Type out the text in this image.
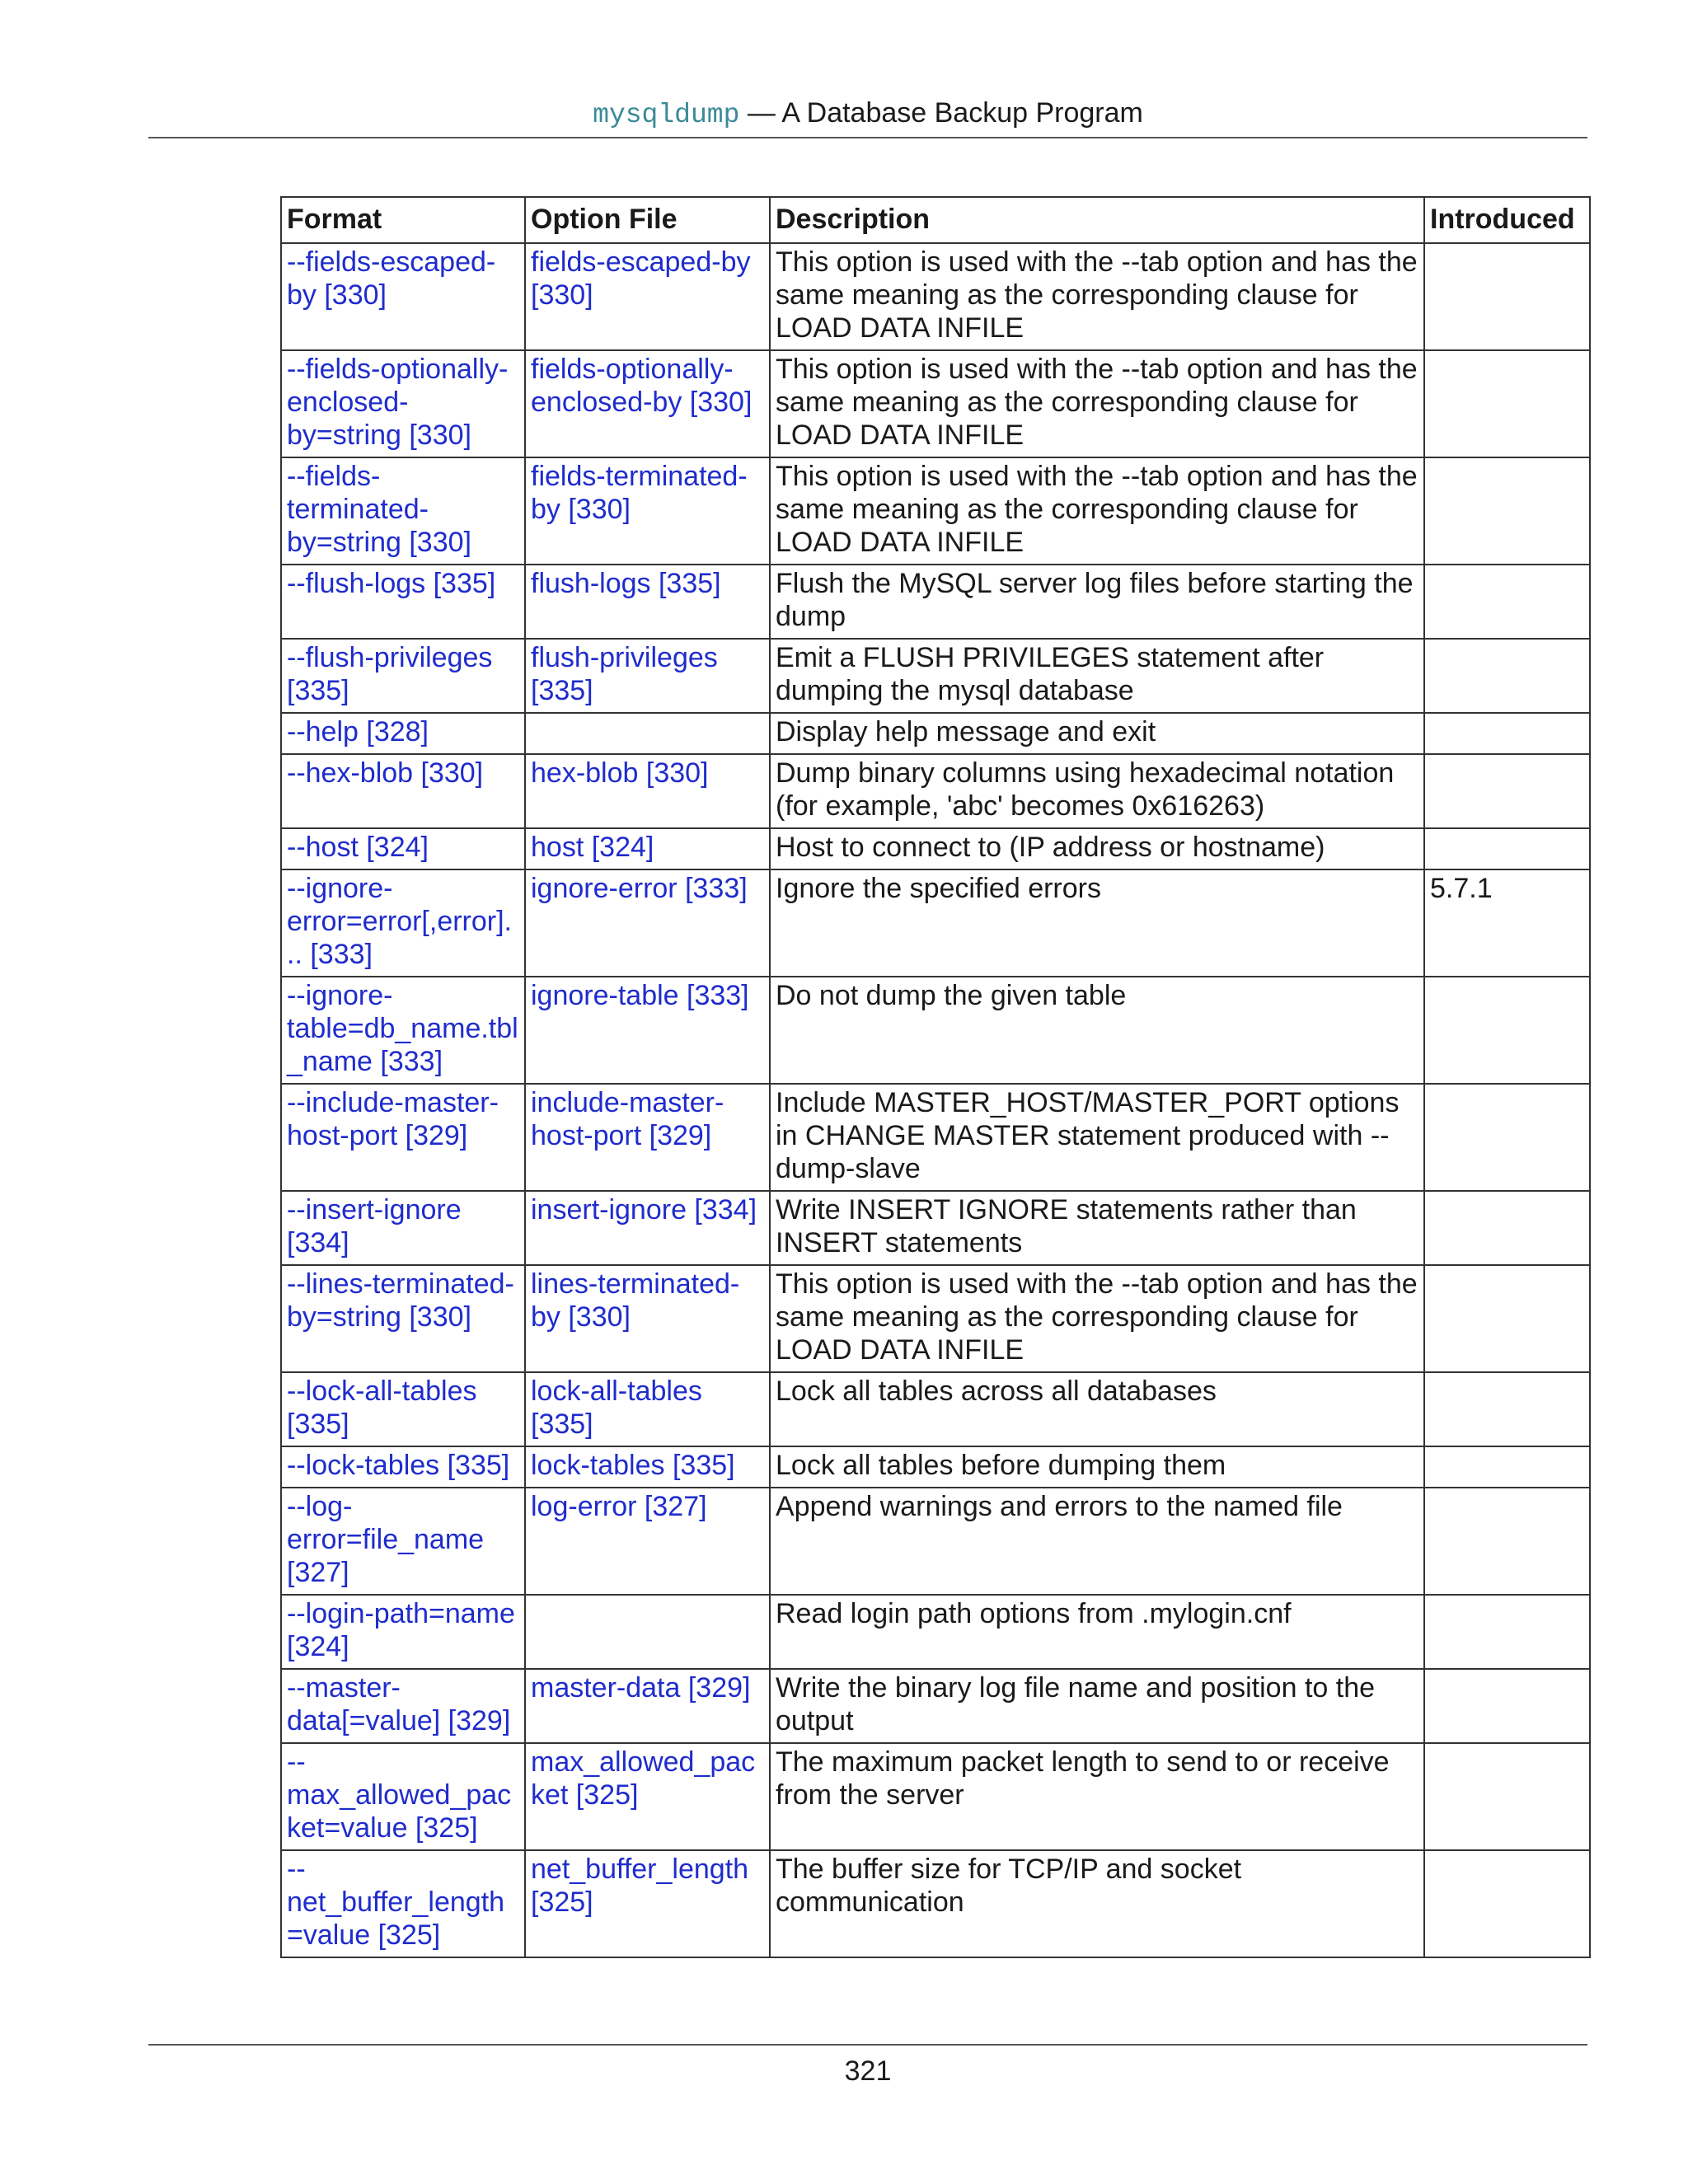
mysqldump — A Database Backup Program
Format	Option File	Description	Introduced
--fields-escaped-by [330]	fields-escaped-by [330]	This option is used with the --tab option and has the same meaning as the corresponding clause for LOAD DATA INFILE	
--fields-optionally-enclosed-by=string [330]	fields-optionally-enclosed-by [330]	This option is used with the --tab option and has the same meaning as the corresponding clause for LOAD DATA INFILE	
--fields-terminated-by=string [330]	fields-terminated-by [330]	This option is used with the --tab option and has the same meaning as the corresponding clause for LOAD DATA INFILE	
--flush-logs [335]	flush-logs [335]	Flush the MySQL server log files before starting the dump	
--flush-privileges [335]	flush-privileges [335]	Emit a FLUSH PRIVILEGES statement after dumping the mysql database	
--help [328]		Display help message and exit	
--hex-blob [330]	hex-blob [330]	Dump binary columns using hexadecimal notation (for example, 'abc' becomes 0x616263)	
--host [324]	host [324]	Host to connect to (IP address or hostname)	
--ignore-error=error[,error]... [333]	ignore-error [333]	Ignore the specified errors	5.7.1
--ignore-table=db_name.tbl_name [333]	ignore-table [333]	Do not dump the given table	
--include-master-host-port [329]	include-master-host-port [329]	Include MASTER_HOST/MASTER_PORT options in CHANGE MASTER statement produced with --dump-slave	
--insert-ignore [334]	insert-ignore [334]	Write INSERT IGNORE statements rather than INSERT statements	
--lines-terminated-by=string [330]	lines-terminated-by [330]	This option is used with the --tab option and has the same meaning as the corresponding clause for LOAD DATA INFILE	
--lock-all-tables [335]	lock-all-tables [335]	Lock all tables across all databases	
--lock-tables [335]	lock-tables [335]	Lock all tables before dumping them	
--log-error=file_name [327]	log-error [327]	Append warnings and errors to the named file	
--login-path=name [324]		Read login path options from .mylogin.cnf	
--master-data[=value] [329]	master-data [329]	Write the binary log file name and position to the output	
--max_allowed_packet=value [325]	max_allowed_packet [325]	The maximum packet length to send to or receive from the server	
--net_buffer_length=value [325]	net_buffer_length [325]	The buffer size for TCP/IP and socket communication	
321
